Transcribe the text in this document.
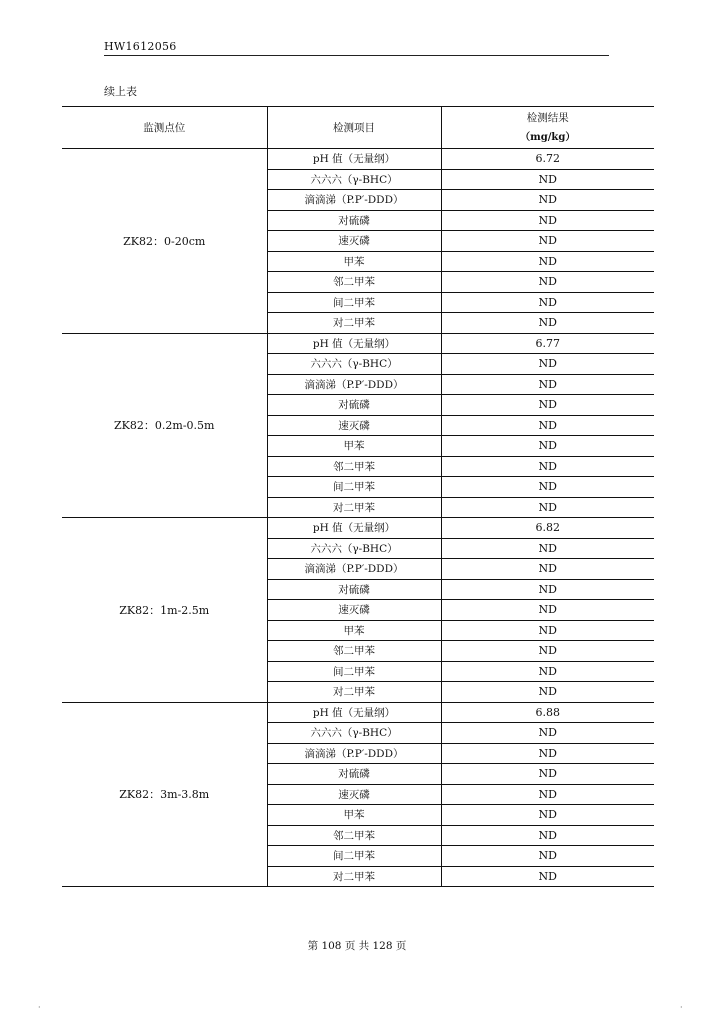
HW1612056
续上表
监测点位	检测项目	检测结果
（mg/kg）

ZK82：0-20cm	pH 值（无量纲）	6.72
	六六六（γ-BHC）	ND
	滴滴涕（P.P′-DDD）	ND
	对硫磷	ND
	速灭磷	ND
	甲苯	ND
	邻二甲苯	ND
	间二甲苯	ND
	对二甲苯	ND
ZK82：0.2m-0.5m	pH 值（无量纲）	6.77
	六六六（γ-BHC）	ND
	滴滴涕（P.P′-DDD）	ND
	对硫磷	ND
	速灭磷	ND
	甲苯	ND
	邻二甲苯	ND
	间二甲苯	ND
	对二甲苯	ND
ZK82：1m-2.5m	pH 值（无量纲）	6.82
	六六六（γ-BHC）	ND
	滴滴涕（P.P′-DDD）	ND
	对硫磷	ND
	速灭磷	ND
	甲苯	ND
	邻二甲苯	ND
	间二甲苯	ND
	对二甲苯	ND
ZK82：3m-3.8m	pH 值（无量纲）	6.88
	六六六（γ-BHC）	ND
	滴滴涕（P.P′-DDD）	ND
	对硫磷	ND
	速灭磷	ND
	甲苯	ND
	邻二甲苯	ND
	间二甲苯	ND
	对二甲苯	ND
第 108 页 共 128 页
·	·
